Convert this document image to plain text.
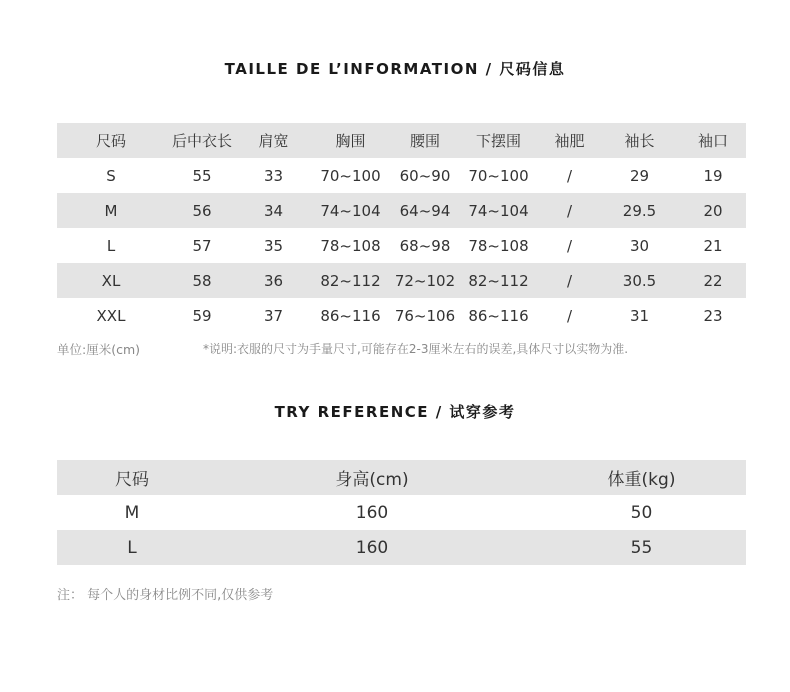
TAILLE DE L’INFORMATION / 尺码信息
尺码	后中衣长	肩宽	胸围	腰围	下摆围	袖肥	袖长	袖口
S	55	33	70~100	60~90	70~100	/	29	19
M	56	34	74~104	64~94	74~104	/	29.5	20
L	57	35	78~108	68~98	78~108	/	30	21
XL	58	36	82~112	72~102	82~112	/	30.5	22
XXL	59	37	86~116	76~106	86~116	/	31	23
单位:厘米(cm)	*说明:衣服的尺寸为手量尺寸,可能存在2-3厘米左右的误差,具体尺寸以实物为准.
TRY REFERENCE / 试穿参考
尺码	身高(cm)	体重(kg)
M	160	50
L	160	55
注： 每个人的身材比例不同,仅供参考
